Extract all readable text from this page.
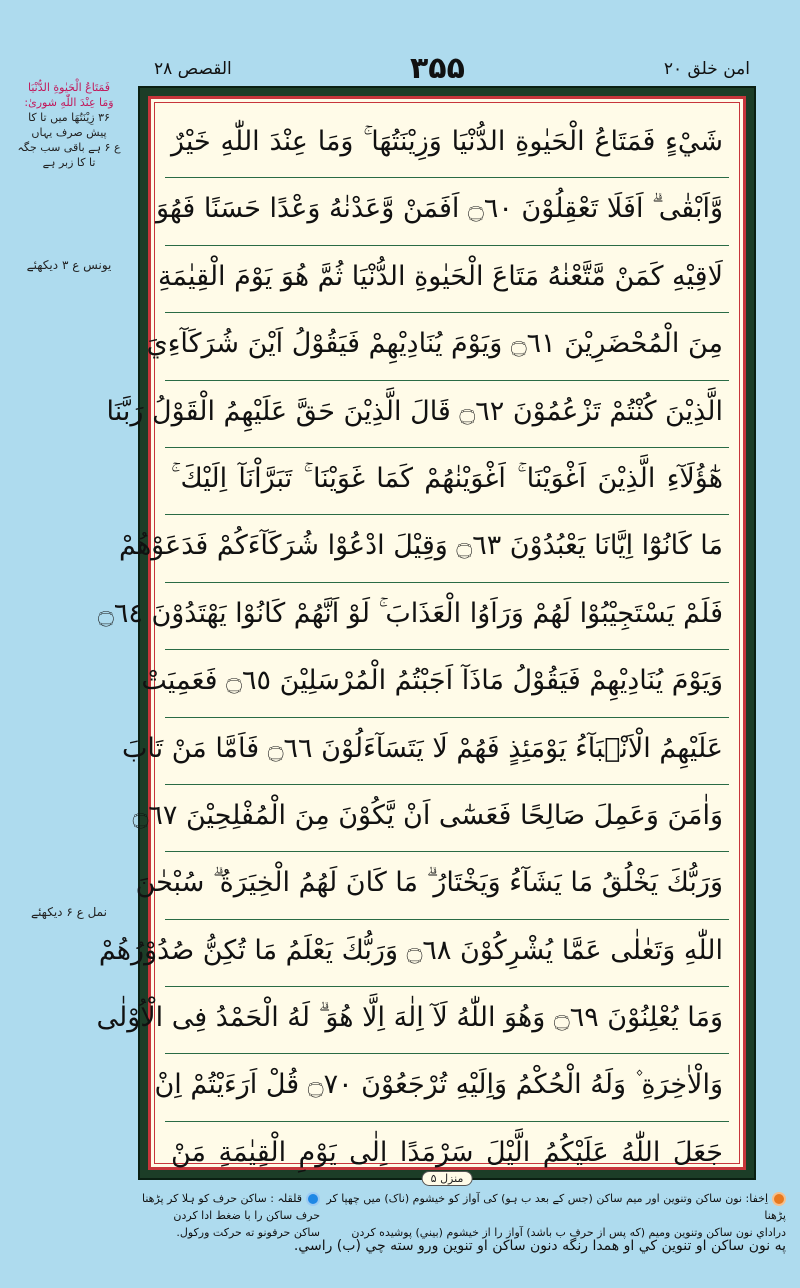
امن خلق ۲۰
۳۵۵
القصص ۲۸
فَمَتَاعُ الْحَيٰوةِ الدُّنْيَا
وَمَا عِنْدَ اللّٰهِ شوریٰ:
۳۶ زِيْنَتُهَا میں تا کا
پیش صرف یہاں
ع ۶ ہے باقی سب جگہ
تا کا زبر ہے
یونس ع ۳ دیکھئے
نمل ع ۶ دیکھئے
شَيْءٍ فَمَتَاعُ الْحَيٰوةِ الدُّنْيَا وَزِيْنَتُهَا ۚ وَمَا عِنْدَ اللّٰهِ خَيْرٌ
وَّاَبْقٰى ۗ اَفَلَا تَعْقِلُوْنَ ۝٦٠ اَفَمَنْ وَّعَدْنٰهُ وَعْدًا حَسَنًا فَهُوَ
لَاقِيْهِ كَمَنْ مَّتَّعْنٰهُ مَتَاعَ الْحَيٰوةِ الدُّنْيَا ثُمَّ هُوَ يَوْمَ الْقِيٰمَةِ
مِنَ الْمُحْضَرِيْنَ ۝٦١ وَيَوْمَ يُنَادِيْهِمْ فَيَقُوْلُ اَيْنَ شُرَكَآءِيَ
الَّذِيْنَ كُنْتُمْ تَزْعُمُوْنَ ۝٦٢ قَالَ الَّذِيْنَ حَقَّ عَلَيْهِمُ الْقَوْلُ رَبَّنَا
هٰٓؤُلَآءِ الَّذِيْنَ اَغْوَيْنَا ۚ اَغْوَيْنٰهُمْ كَمَا غَوَيْنَا ۚ تَبَرَّاْنَآ اِلَيْكَ ۚ
مَا كَانُوْٓا اِيَّانَا يَعْبُدُوْنَ ۝٦٣ وَقِيْلَ ادْعُوْا شُرَكَآءَكُمْ فَدَعَوْهُمْ
فَلَمْ يَسْتَجِيْبُوْا لَهُمْ وَرَاَوُا الْعَذَابَ ۚ لَوْ اَنَّهُمْ كَانُوْا يَهْتَدُوْنَ ۝٦٤
وَيَوْمَ يُنَادِيْهِمْ فَيَقُوْلُ مَاذَآ اَجَبْتُمُ الْمُرْسَلِيْنَ ۝٦٥ فَعَمِيَتْ
عَلَيْهِمُ الْاَنْۢبَآءُ يَوْمَئِذٍ فَهُمْ لَا يَتَسَآءَلُوْنَ ۝٦٦ فَاَمَّا مَنْ تَابَ
وَاٰمَنَ وَعَمِلَ صَالِحًا فَعَسٰٓى اَنْ يَّكُوْنَ مِنَ الْمُفْلِحِيْنَ ۝٦٧
وَرَبُّكَ يَخْلُقُ مَا يَشَآءُ وَيَخْتَارُ ۗ مَا كَانَ لَهُمُ الْخِيَرَةُ ۗ سُبْحٰنَ
اللّٰهِ وَتَعٰلٰى عَمَّا يُشْرِكُوْنَ ۝٦٨ وَرَبُّكَ يَعْلَمُ مَا تُكِنُّ صُدُوْرُهُمْ
وَمَا يُعْلِنُوْنَ ۝٦٩ وَهُوَ اللّٰهُ لَآ اِلٰهَ اِلَّا هُوَ ۗ لَهُ الْحَمْدُ فِى الْاُوْلٰى
وَالْاٰخِرَةِ ۫ وَلَهُ الْحُكْمُ وَاِلَيْهِ تُرْجَعُوْنَ ۝٧٠ قُلْ اَرَءَيْتُمْ اِنْ
جَعَلَ اللّٰهُ عَلَيْكُمُ الَّيْلَ سَرْمَدًا اِلٰى يَوْمِ الْقِيٰمَةِ مَنْ
منزل ۵
اِخفا: نون ساکن وتنوین اور میم ساکن (جس کے بعد ب ہو) کی آواز کو خیشوم (ناک) میں چھپا کر پڑھنا
دراداي نون ساكن وتنوين وميم (كه پس از حرف ب باشد) آواز را از خيشوم (بيني) پوشيده کردن
قلقلہ : ساکن حرف کو ہلا کر پڑھنا
حرف ساکن را با ضغط ادا کردن
ساكن حرفونو ته حركت ورکول.
په نون ساكن او تنوين كي او همدا رنگه دنون ساكن او تنوين ورو سته چي (ب) راسي.
